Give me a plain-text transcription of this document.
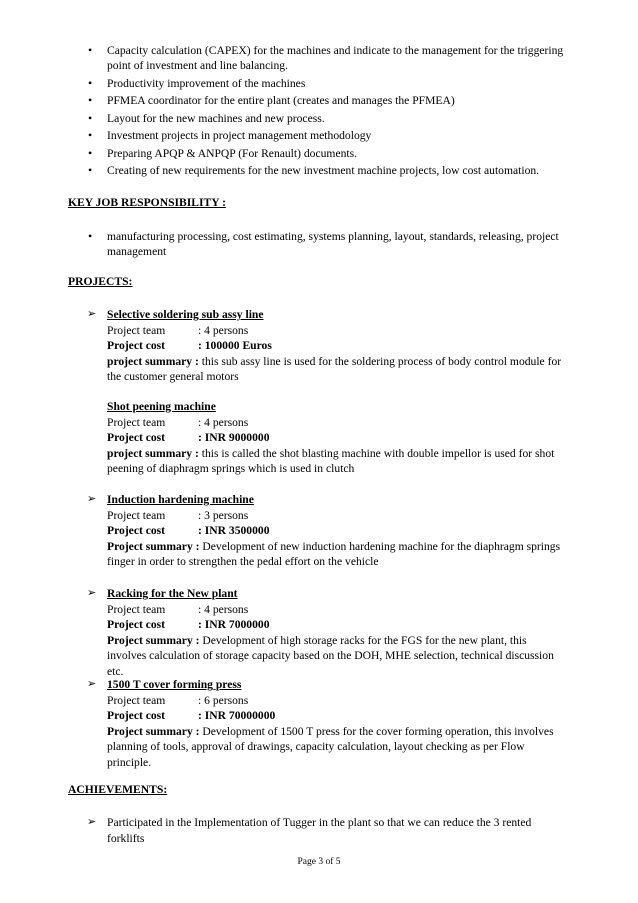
• Capacity calculation (CAPEX) for the machines and indicate to the management for the triggering point of investment and line balancing.
• Productivity improvement of the machines
• PFMEA coordinator for the entire plant (creates and manages the PFMEA)
• Layout for the new machines and new process.
• Investment projects in project management methodology
• Preparing APQP & ANPQP (For Renault) documents.
• Creating of new requirements for the new investment machine projects, low cost automation.
KEY JOB RESPONSIBILITY :
• manufacturing processing, cost estimating, systems planning, layout, standards, releasing, project management
PROJECTS:
➢ Selective soldering sub assy line
Project team	: 4 persons
Project cost	: 100000 Euros
project summary : this sub assy line is used for the soldering process of body control module for the customer general motors
Shot peening machine
Project team	: 4 persons
Project cost	: INR 9000000
project summary : this is called the shot blasting machine with double impellor is used for shot peening of diaphragm springs which is used in clutch
➢ Induction hardening machine
Project team	: 3 persons
Project cost	: INR 3500000
Project summary : Development of new induction hardening machine for the diaphragm springs finger in order to strengthen the pedal effort on the vehicle
➢ Racking for the New plant
Project team	: 4 persons
Project cost	: INR 7000000
Project summary : Development of high storage racks for the FGS for the new plant, this involves calculation of storage capacity based on the DOH, MHE selection, technical discussion etc.
➢ 1500 T cover forming press
Project team	: 6 persons
Project cost	: INR 70000000
Project summary : Development of 1500 T press for the cover forming operation, this involves planning of tools, approval of drawings, capacity calculation, layout checking as per Flow principle.
ACHIEVEMENTS:
➢ Participated in the Implementation of Tugger in the plant so that we can reduce the 3 rented forklifts
Page 3 of 5
